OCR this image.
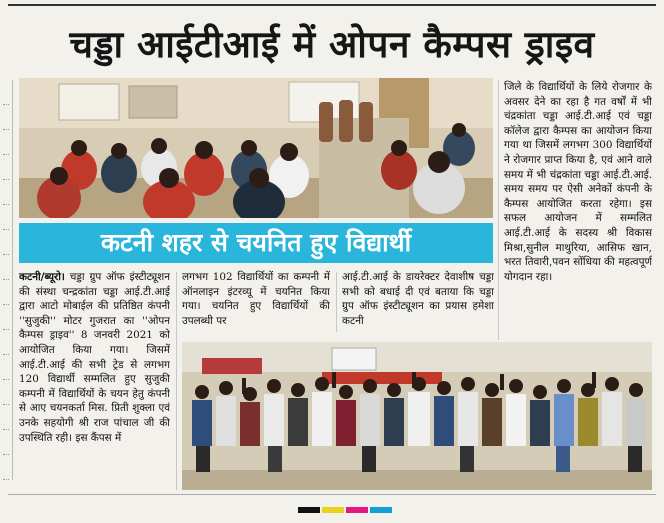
चड्डा आईटीआई में ओपन कैम्पस ड्राइव
कटनी शहर से चयनित हुए विद्यार्थी
जिले के विद्यार्थियों के लिये रोजगार के अवसर देने का रहा है गत वर्षों में भी चंद्रकांता चड्डा आई.टी.आई एवं चड्डा कॉलेज द्वारा कैम्पस का आयोजन किया गया था जिसमें लगभग 300 विद्यार्थियों ने रोजगार प्राप्त किया है, एवं आने वाले समय में भी चंद्रकांता चड्डा आई.टी.आई. समय समय पर ऐसी अनेकों कंपनी के कैम्पस आयोजित करता रहेगा। इस सफल आयोजन में सम्मलित आई.टी.आई के सदस्य श्री विकास मिश्रा,सुनील माथुरिया, आसिफ खान, भरत तिवारी,पवन सोंधिया की महत्वपूर्ण योगदान रहा।
कटनी/ब्यूरो। चड्डा ग्रुप ऑफ इंस्टीट्यूशन की संस्था चन्द्रकांता चड्डा आई.टी.आई द्वारा आटो मोबाईल की प्रतिष्ठित कंपनी ''सुजुकी'' मोटर गुजरात का ''ओपन कैम्पस ड्राइव'' 8 जनवरी 2021 को आयोजित किया गया। जिसमें आई.टी.आई की सभी ट्रेड से लगभग 120 विद्यार्थी सम्मलित हुए सुजुकी कम्पनी में विद्यार्थियों के चयन हेतु कंपनी से आए चयनकर्ता मिस. प्रिती शुक्ला एवं उनके सहयोगी श्री राज पांचाल जी की उपस्थिति रही। इस कैंपस में
लगभग 102 विद्यार्थियों का कम्पनी में ऑनलाइन इंटरव्यू में चयनित किया गया। चयनित हुए विद्यार्थियों की उपलब्धी पर
आई.टी.आई के डायरेक्टर देवाशीष चड्डा सभी को बधाई दी एवं बताया कि चड्डा ग्रुप ऑफ इंस्टीट्यूशन का प्रयास हमेशा कटनी
